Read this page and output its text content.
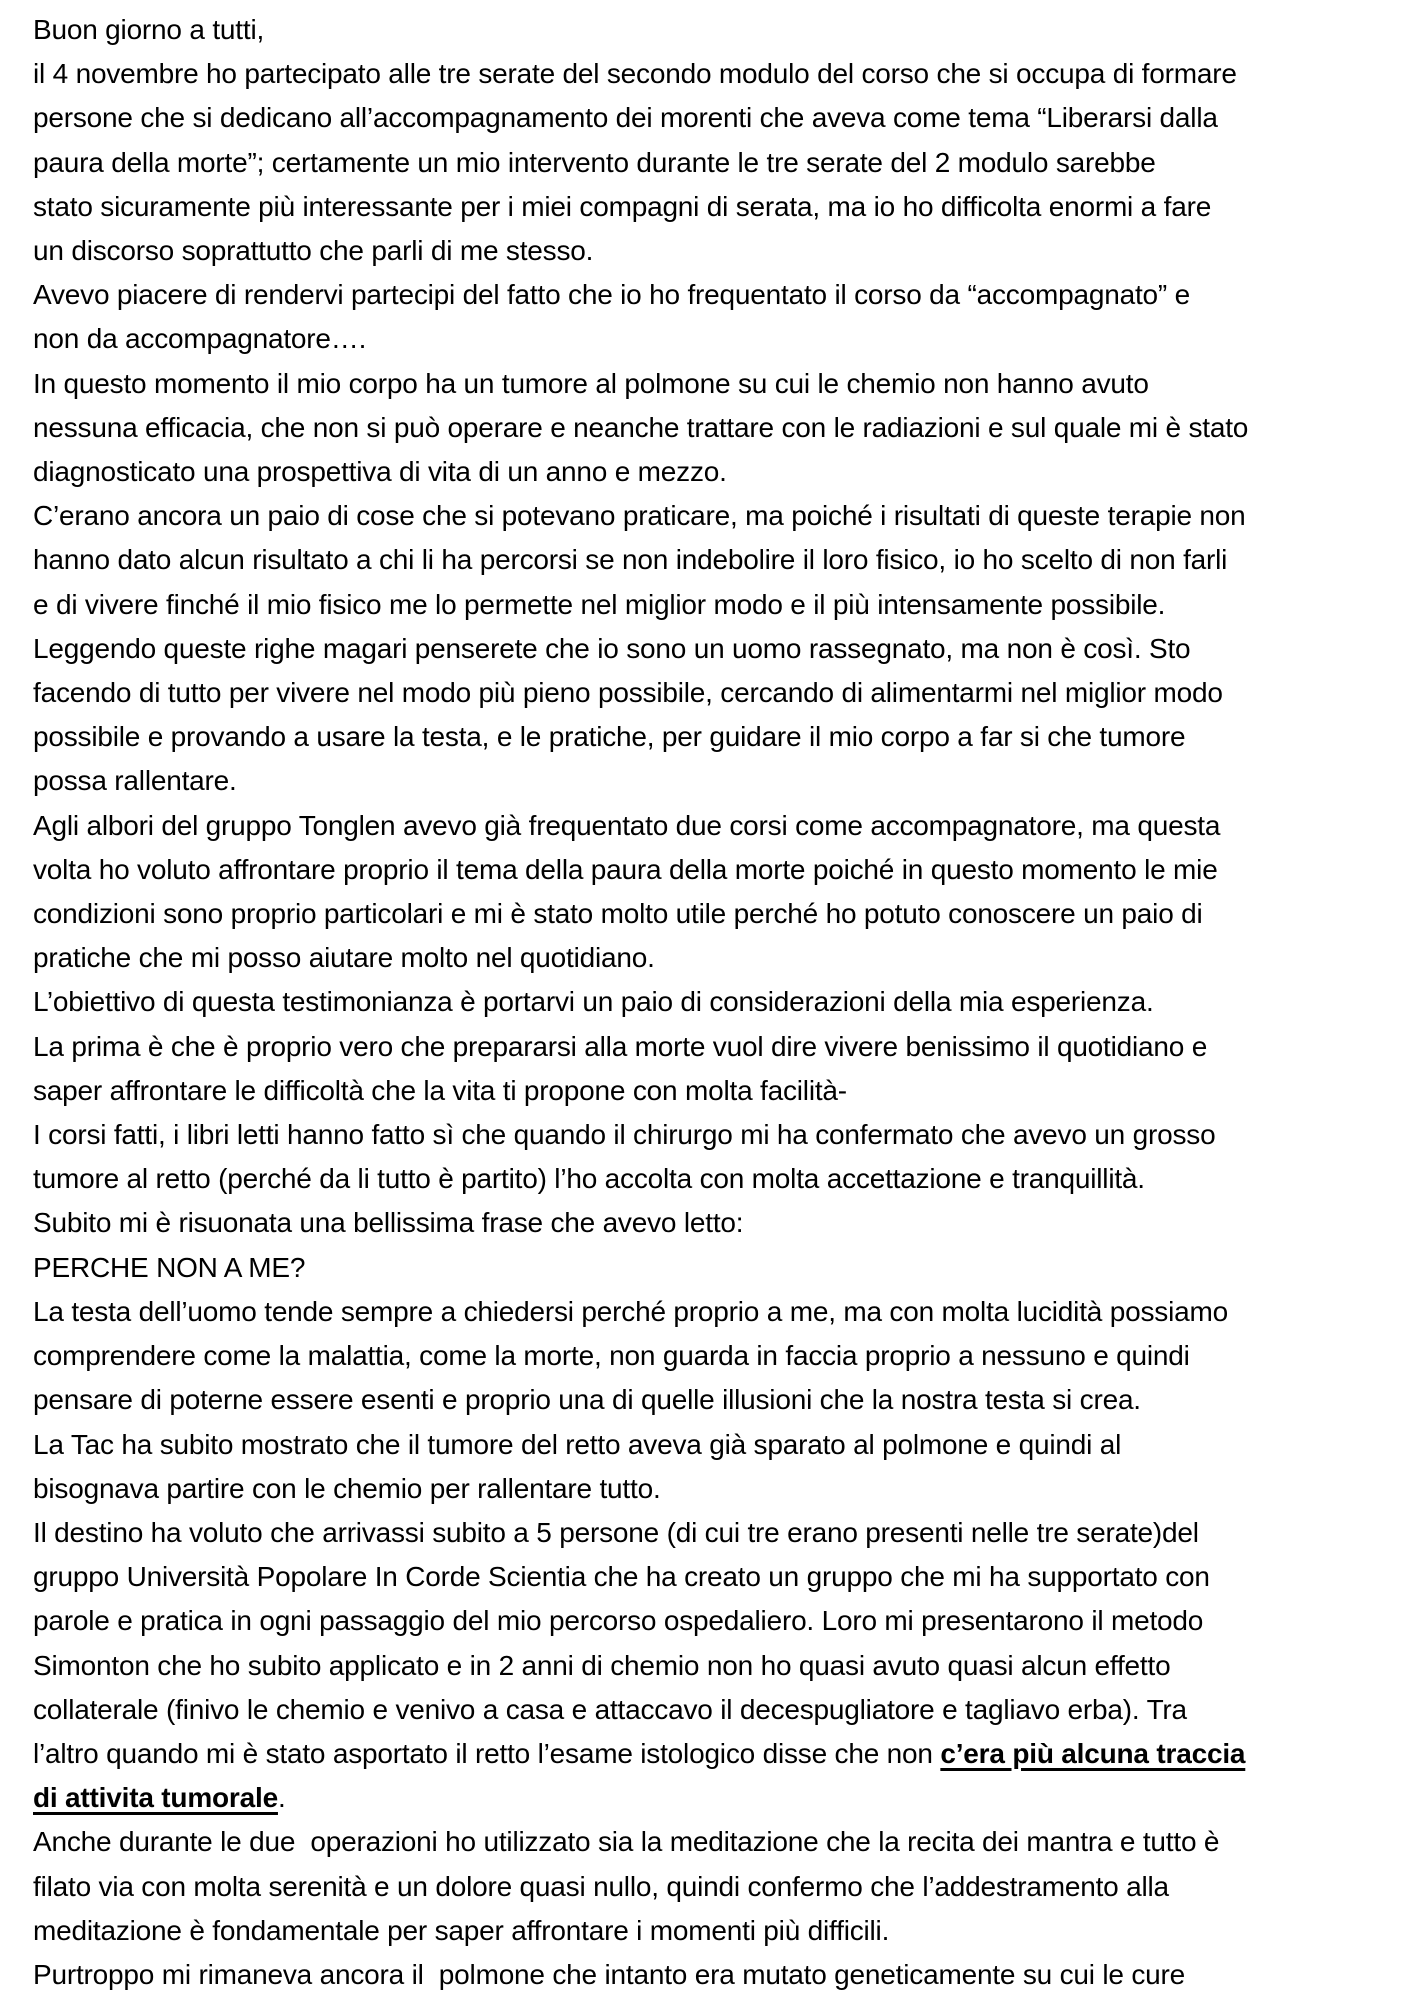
Buon giorno a tutti,
il 4 novembre ho partecipato alle tre serate del secondo modulo del corso che si occupa di formare
persone che si dedicano all’accompagnamento dei morenti che aveva come tema “Liberarsi dalla
paura della morte”; certamente un mio intervento durante le tre serate del 2 modulo sarebbe
stato sicuramente più interessante per i miei compagni di serata, ma io ho difficolta enormi a fare
un discorso soprattutto che parli di me stesso.
Avevo piacere di rendervi partecipi del fatto che io ho frequentato il corso da “accompagnato” e
non da accompagnatore….
In questo momento il mio corpo ha un tumore al polmone su cui le chemio non hanno avuto
nessuna efficacia, che non si può operare e neanche trattare con le radiazioni e sul quale mi è stato
diagnosticato una prospettiva di vita di un anno e mezzo.
C’erano ancora un paio di cose che si potevano praticare, ma poiché i risultati di queste terapie non
hanno dato alcun risultato a chi li ha percorsi se non indebolire il loro fisico, io ho scelto di non farli
e di vivere finché il mio fisico me lo permette nel miglior modo e il più intensamente possibile.
Leggendo queste righe magari penserete che io sono un uomo rassegnato, ma non è così. Sto
facendo di tutto per vivere nel modo più pieno possibile, cercando di alimentarmi nel miglior modo
possibile e provando a usare la testa, e le pratiche, per guidare il mio corpo a far si che tumore
possa rallentare.
Agli albori del gruppo Tonglen avevo già frequentato due corsi come accompagnatore, ma questa
volta ho voluto affrontare proprio il tema della paura della morte poiché in questo momento le mie
condizioni sono proprio particolari e mi è stato molto utile perché ho potuto conoscere un paio di
pratiche che mi posso aiutare molto nel quotidiano.
L’obiettivo di questa testimonianza è portarvi un paio di considerazioni della mia esperienza.
La prima è che è proprio vero che prepararsi alla morte vuol dire vivere benissimo il quotidiano e
saper affrontare le difficoltà che la vita ti propone con molta facilità-
I corsi fatti, i libri letti hanno fatto sì che quando il chirurgo mi ha confermato che avevo un grosso
tumore al retto (perché da li tutto è partito) l’ho accolta con molta accettazione e tranquillità.
Subito mi è risuonata una bellissima frase che avevo letto:
PERCHE NON A ME?
La testa dell’uomo tende sempre a chiedersi perché proprio a me, ma con molta lucidità possiamo
comprendere come la malattia, come la morte, non guarda in faccia proprio a nessuno e quindi
pensare di poterne essere esenti e proprio una di quelle illusioni che la nostra testa si crea.
La Tac ha subito mostrato che il tumore del retto aveva già sparato al polmone e quindi al
bisognava partire con le chemio per rallentare tutto.
Il destino ha voluto che arrivassi subito a 5 persone (di cui tre erano presenti nelle tre serate)del
gruppo Università Popolare In Corde Scientia che ha creato un gruppo che mi ha supportato con
parole e pratica in ogni passaggio del mio percorso ospedaliero. Loro mi presentarono il metodo
Simonton che ho subito applicato e in 2 anni di chemio non ho quasi avuto quasi alcun effetto
collaterale (finivo le chemio e venivo a casa e attaccavo il decespugliatore e tagliavo erba). Tra
l’altro quando mi è stato asportato il retto l’esame istologico disse che non c’era più alcuna traccia
di attivita tumorale.
Anche durante le due  operazioni ho utilizzato sia la meditazione che la recita dei mantra e tutto è
filato via con molta serenità e un dolore quasi nullo, quindi confermo che l’addestramento alla
meditazione è fondamentale per saper affrontare i momenti più difficili.
Purtroppo mi rimaneva ancora il  polmone che intanto era mutato geneticamente su cui le cure
